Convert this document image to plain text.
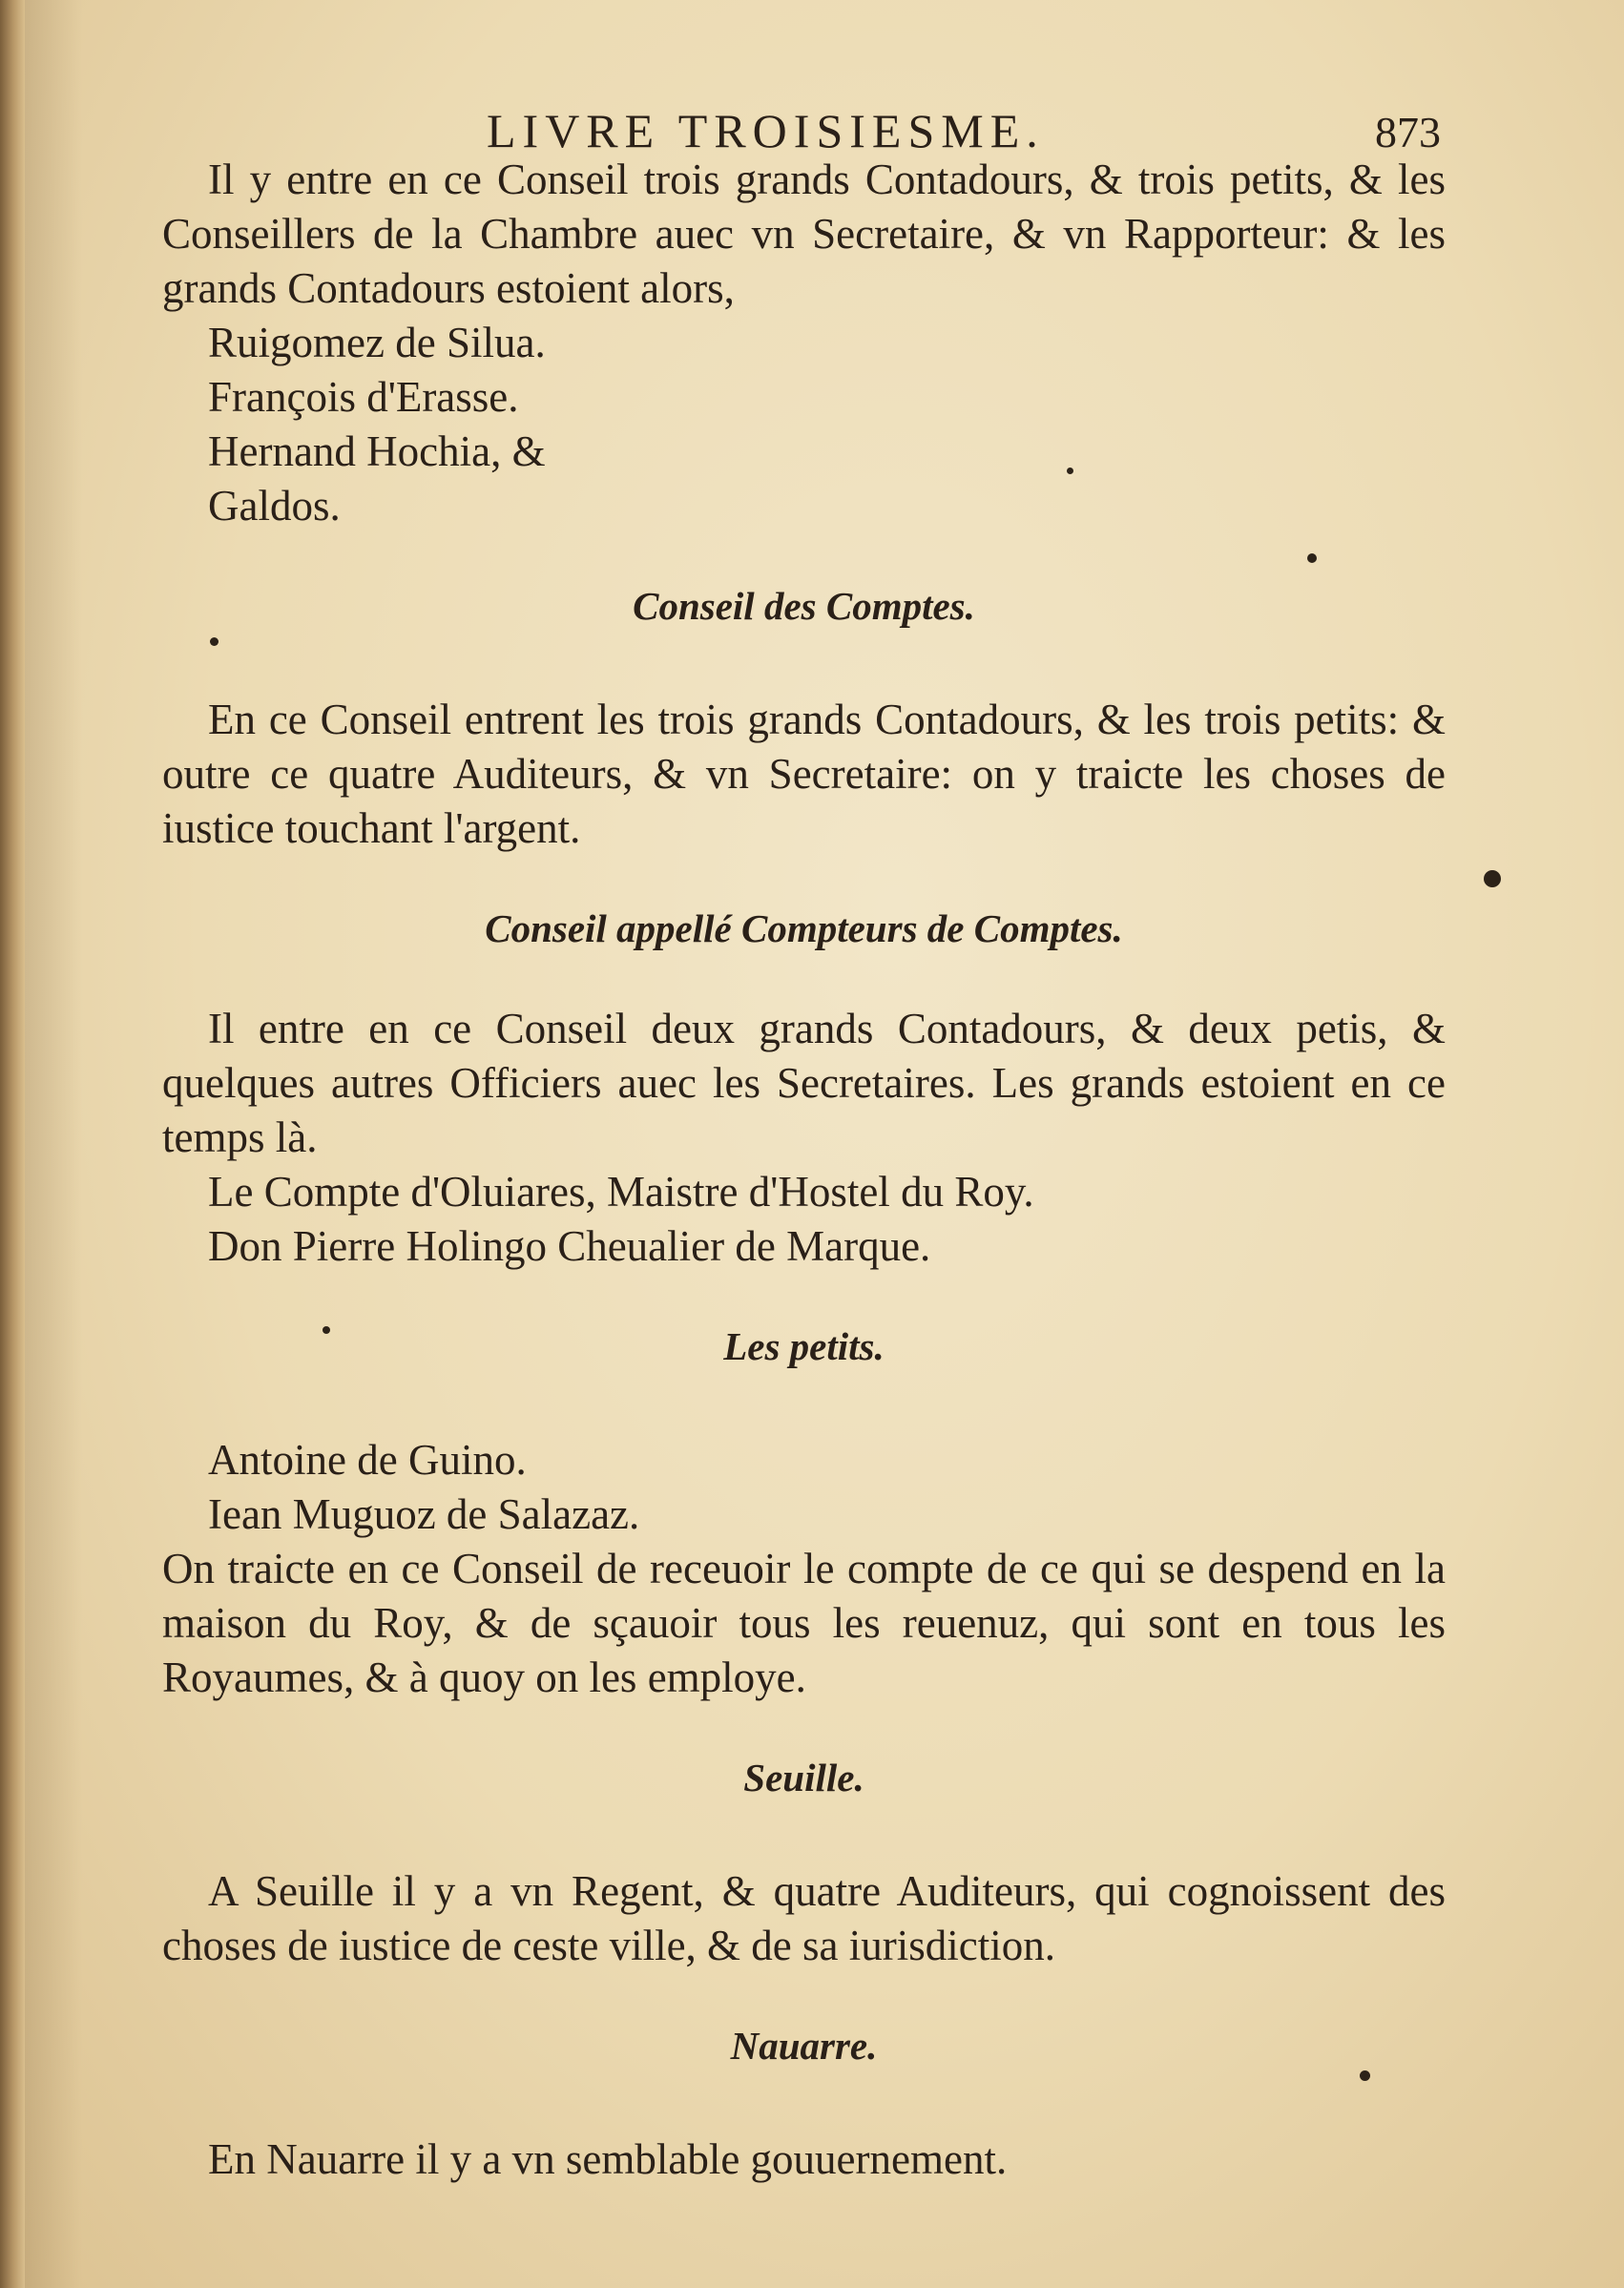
LIVRE TROISIESME.	873

Il y entre en ce Conseil trois grands Contadours, & trois petits, & les Conseillers de la Chambre auec vn Secretaire, & vn Rapporteur: & les grands Contadours estoient alors,

Ruigomez de Silua.

François d'Erasse.

Hernand Hochia, &

Galdos.

Conseil des Comptes.

En ce Conseil entrent les trois grands Contadours, & les trois petits: & outre ce quatre Auditeurs, & vn Secretaire: on y traicte les choses de iustice touchant l'argent.

Conseil appellé Compteurs de Comptes.

Il entre en ce Conseil deux grands Contadours, & deux petis, & quelques autres Officiers auec les Secretaires. Les grands estoient en ce temps là.

Le Compte d'Oluiares, Maistre d'Hostel du Roy.

Don Pierre Holingo Cheualier de Marque.

Les petits.

Antoine de Guino.

Iean Muguoz de Salazaz.

On traicte en ce Conseil de receuoir le compte de ce qui se despend en la maison du Roy, & de sçauoir tous les reuenuz, qui sont en tous les Royaumes, & à quoy on les employe.

Seuille.

A Seuille il y a vn Regent, & quatre Auditeurs, qui cognoissent des choses de iustice de ceste ville, & de sa iurisdiction.

Nauarre.

En Nauarre il y a vn semblable gouuernement.
